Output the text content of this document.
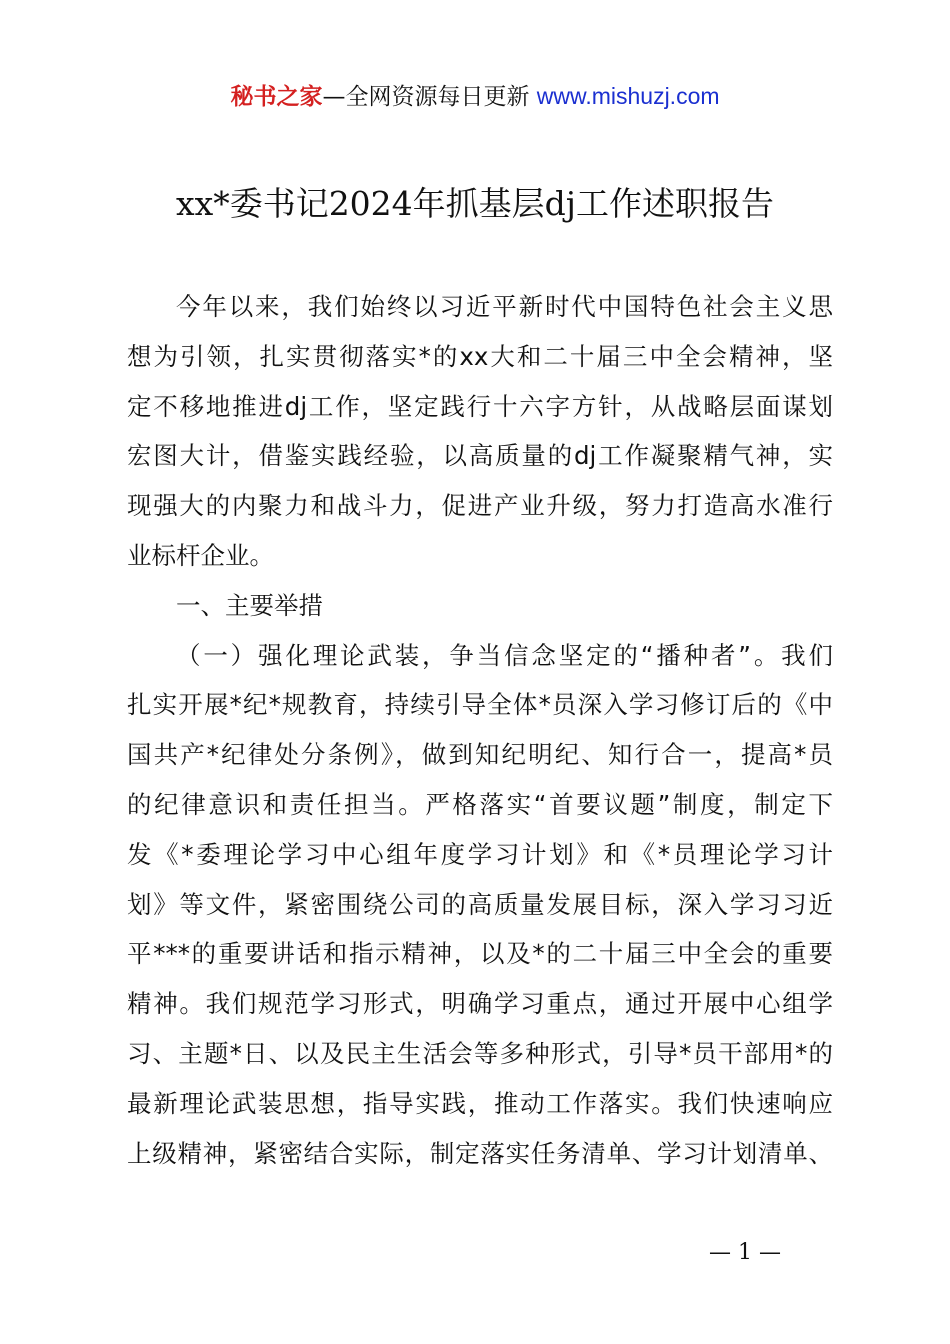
秘书之家—全网资源每日更新 www.mishuzj.com
xx*委书记2024年抓基层dj工作述职报告
今年以来，我们始终以习近平新时代中国特色社会主义思
想为引领，扎实贯彻落实*的xx大和二十届三中全会精神，坚
定不移地推进dj工作，坚定践行十六字方针，从战略层面谋划
宏图大计，借鉴实践经验，以高质量的dj工作凝聚精气神，实
现强大的内聚力和战斗力，促进产业升级，努力打造高水准行
业标杆企业。
一、主要举措
（一）强化理论武装，争当信念坚定的“播种者”。我们
扎实开展*纪*规教育，持续引导全体*员深入学习修订后的《中
国共产*纪律处分条例》，做到知纪明纪、知行合一，提高*员
的纪律意识和责任担当。严格落实“首要议题”制度，制定下
发《*委理论学习中心组年度学习计划》和《*员理论学习计
划》等文件，紧密围绕公司的高质量发展目标，深入学习习近
平***的重要讲话和指示精神，以及*的二十届三中全会的重要
精神。我们规范学习形式，明确学习重点，通过开展中心组学
习、主题*日、以及民主生活会等多种形式，引导*员干部用*的
最新理论武装思想，指导实践，推动工作落实。我们快速响应
上级精神，紧密结合实际，制定落实任务清单、学习计划清单、
— 1 —
